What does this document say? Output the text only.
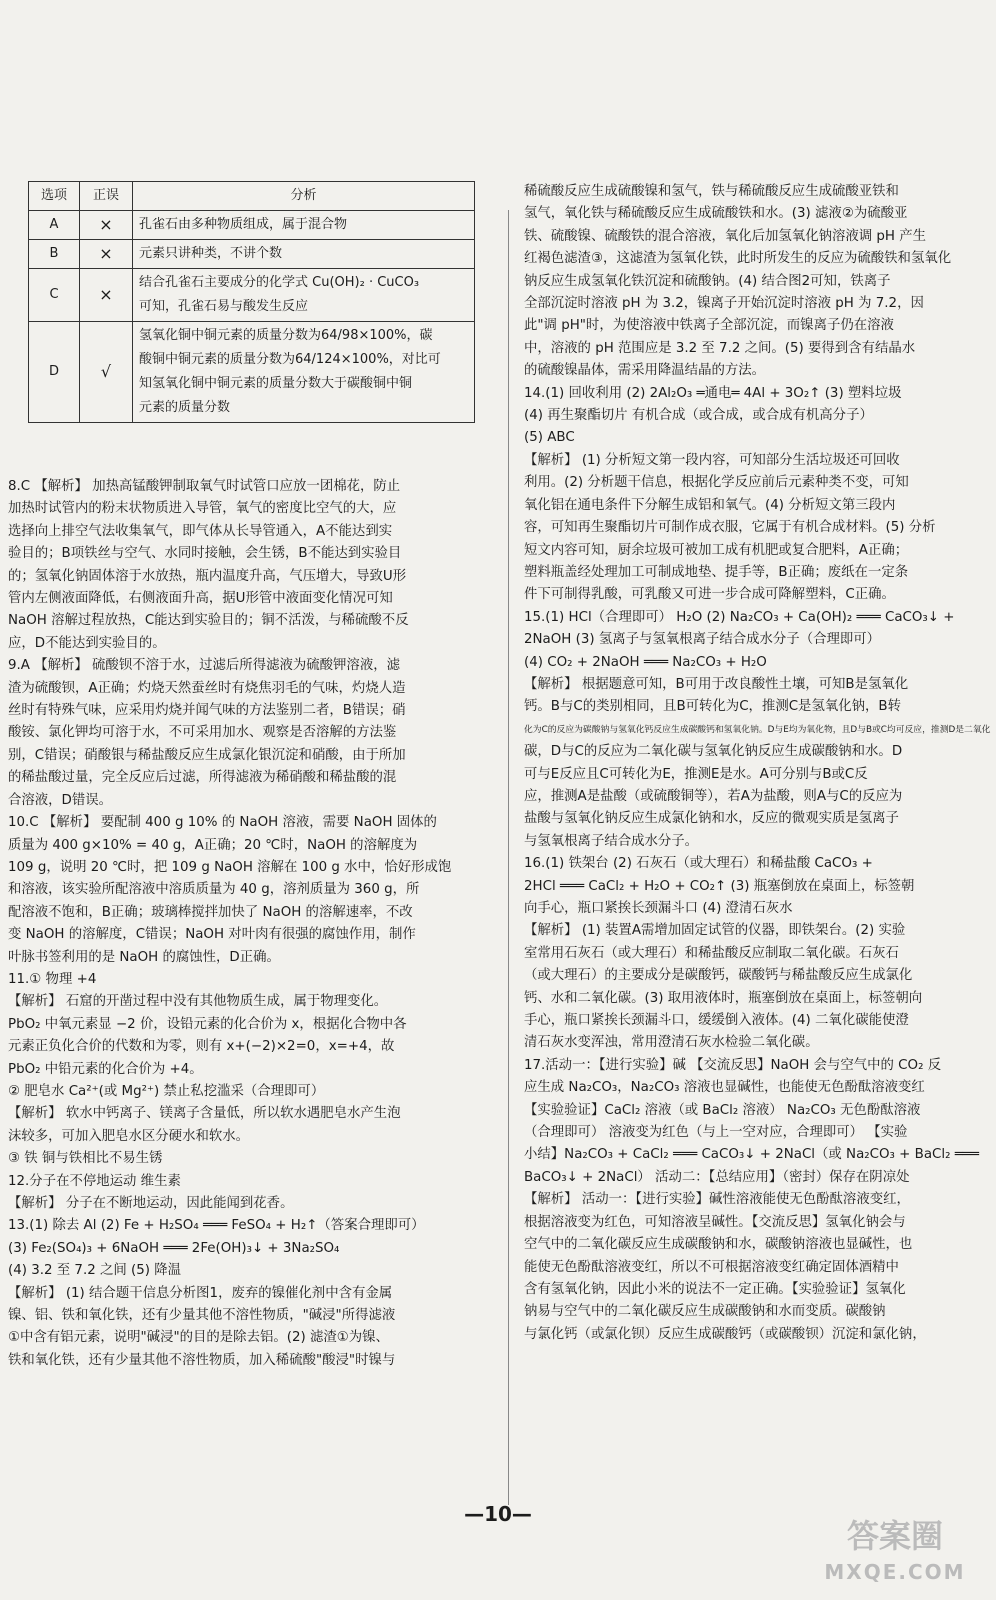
选项	正误	分析
A	×	孔雀石由多种物质组成，属于混合物

B	×	元素只讲种类，不讲个数

C	×	结合孔雀石主要成分的化学式 Cu(OH)₂ · CuCO₃
可知，孔雀石易与酸发生反应

D	√	氢氧化铜中铜元素的质量分数为64/98×100%，碳
酸铜中铜元素的质量分数为64/124×100%，对比可
知氢氧化铜中铜元素的质量分数大于碳酸铜中铜
元素的质量分数
8.C 【解析】 加热高锰酸钾制取氧气时试管口应放一团棉花，防止
加热时试管内的粉末状物质进入导管，氧气的密度比空气的大，应
选择向上排空气法收集氧气，即气体从长导管通入，A不能达到实
验目的；B项铁丝与空气、水同时接触，会生锈，B不能达到实验目
的；氢氧化钠固体溶于水放热，瓶内温度升高，气压增大，导致U形
管内左侧液面降低，右侧液面升高，据U形管中液面变化情况可知
NaOH 溶解过程放热，C能达到实验目的；铜不活泼，与稀硫酸不反
应，D不能达到实验目的。
9.A 【解析】 硫酸钡不溶于水，过滤后所得滤液为硫酸钾溶液，滤
渣为硫酸钡，A正确；灼烧天然蚕丝时有烧焦羽毛的气味，灼烧人造
丝时有特殊气味，应采用灼烧并闻气味的方法鉴别二者，B错误；硝
酸铵、氯化钾均可溶于水，不可采用加水、观察是否溶解的方法鉴
别，C错误；硝酸银与稀盐酸反应生成氯化银沉淀和硝酸，由于所加
的稀盐酸过量，完全反应后过滤，所得滤液为稀硝酸和稀盐酸的混
合溶液，D错误。
10.C 【解析】 要配制 400 g 10% 的 NaOH 溶液，需要 NaOH 固体的
质量为 400 g×10% = 40 g，A正确；20 ℃时，NaOH 的溶解度为
109 g，说明 20 ℃时，把 109 g NaOH 溶解在 100 g 水中，恰好形成饱
和溶液，该实验所配溶液中溶质质量为 40 g，溶剂质量为 360 g，所
配溶液不饱和，B正确；玻璃棒搅拌加快了 NaOH 的溶解速率，不改
变 NaOH 的溶解度，C错误；NaOH 对叶肉有很强的腐蚀作用，制作
叶脉书签利用的是 NaOH 的腐蚀性，D正确。
11.① 物理 +4
【解析】 石窟的开凿过程中没有其他物质生成，属于物理变化。
PbO₂ 中氧元素显 −2 价，设铅元素的化合价为 x，根据化合物中各
元素正负化合价的代数和为零，则有 x+(−2)×2=0，x=+4，故
PbO₂ 中铅元素的化合价为 +4。
② 肥皂水 Ca²⁺(或 Mg²⁺) 禁止私挖滥采（合理即可）
【解析】 软水中钙离子、镁离子含量低，所以软水遇肥皂水产生泡
沫较多，可加入肥皂水区分硬水和软水。
③ 铁 铜与铁相比不易生锈
12.分子在不停地运动 维生素
【解析】 分子在不断地运动，因此能闻到花香。
13.(1) 除去 Al (2) Fe + H₂SO₄ ═══ FeSO₄ + H₂↑（答案合理即可）
(3) Fe₂(SO₄)₃ + 6NaOH ═══ 2Fe(OH)₃↓ + 3Na₂SO₄
(4) 3.2 至 7.2 之间 (5) 降温
【解析】 (1) 结合题干信息分析图1，废弃的镍催化剂中含有金属
镍、铝、铁和氧化铁，还有少量其他不溶性物质，"碱浸"所得滤液
①中含有铝元素，说明"碱浸"的目的是除去铝。(2) 滤渣①为镍、
铁和氧化铁，还有少量其他不溶性物质，加入稀硫酸"酸浸"时镍与
稀硫酸反应生成硫酸镍和氢气，铁与稀硫酸反应生成硫酸亚铁和
氢气，氧化铁与稀硫酸反应生成硫酸铁和水。(3) 滤液②为硫酸亚
铁、硫酸镍、硫酸铁的混合溶液，氧化后加氢氧化钠溶液调 pH 产生
红褐色滤渣③，这滤渣为氢氧化铁，此时所发生的反应为硫酸铁和氢氧化
钠反应生成氢氧化铁沉淀和硫酸钠。(4) 结合图2可知，铁离子
全部沉淀时溶液 pH 为 3.2，镍离子开始沉淀时溶液 pH 为 7.2，因
此"调 pH"时，为使溶液中铁离子全部沉淀，而镍离子仍在溶液
中，溶液的 pH 范围应是 3.2 至 7.2 之间。(5) 要得到含有结晶水
的硫酸镍晶体，需采用降温结晶的方法。
14.(1) 回收利用 (2) 2Al₂O₃ ═通电═ 4Al + 3O₂↑ (3) 塑料垃圾
(4) 再生聚酯切片 有机合成（或合成，或合成有机高分子）
(5) ABC
【解析】 (1) 分析短文第一段内容，可知部分生活垃圾还可回收
利用。(2) 分析题干信息，根据化学反应前后元素种类不变，可知
氧化铝在通电条件下分解生成铝和氧气。(4) 分析短文第三段内
容，可知再生聚酯切片可制作成衣服，它属于有机合成材料。(5) 分析
短文内容可知，厨余垃圾可被加工成有机肥或复合肥料，A正确；
塑料瓶盖经处理加工可制成地垫、提手等，B正确；废纸在一定条
件下可制得乳酸，可乳酸又可进一步合成可降解塑料，C正确。
15.(1) HCl（合理即可） H₂O (2) Na₂CO₃ + Ca(OH)₂ ═══ CaCO₃↓ +
2NaOH (3) 氢离子与氢氧根离子结合成水分子（合理即可）
(4) CO₂ + 2NaOH ═══ Na₂CO₃ + H₂O
【解析】 根据题意可知，B可用于改良酸性土壤，可知B是氢氧化
钙。B与C的类别相同，且B可转化为C，推测C是氢氧化钠，B转
化为C的反应为碳酸钠与氢氧化钙反应生成碳酸钙和氢氧化钠。D与E均为氧化物，且D与B或C均可反应，推测D是二氧化
碳，D与C的反应为二氧化碳与氢氧化钠反应生成碳酸钠和水。D
可与E反应且C可转化为E，推测E是水。A可分别与B或C反
应，推测A是盐酸（或硫酸铜等），若A为盐酸，则A与C的反应为
盐酸与氢氧化钠反应生成氯化钠和水，反应的微观实质是氢离子
与氢氧根离子结合成水分子。
16.(1) 铁架台 (2) 石灰石（或大理石）和稀盐酸 CaCO₃ +
2HCl ═══ CaCl₂ + H₂O + CO₂↑ (3) 瓶塞倒放在桌面上，标签朝
向手心，瓶口紧挨长颈漏斗口 (4) 澄清石灰水
【解析】 (1) 装置A需增加固定试管的仪器，即铁架台。(2) 实验
室常用石灰石（或大理石）和稀盐酸反应制取二氧化碳。石灰石
（或大理石）的主要成分是碳酸钙，碳酸钙与稀盐酸反应生成氯化
钙、水和二氧化碳。(3) 取用液体时，瓶塞倒放在桌面上，标签朝向
手心，瓶口紧挨长颈漏斗口，缓缓倒入液体。(4) 二氧化碳能使澄
清石灰水变浑浊，常用澄清石灰水检验二氧化碳。
17.活动一：【进行实验】碱 【交流反思】NaOH 会与空气中的 CO₂ 反
应生成 Na₂CO₃，Na₂CO₃ 溶液也显碱性，也能使无色酚酞溶液变红
【实验验证】CaCl₂ 溶液（或 BaCl₂ 溶液） Na₂CO₃ 无色酚酞溶液
（合理即可） 溶液变为红色（与上一空对应，合理即可） 【实验
小结】Na₂CO₃ + CaCl₂ ═══ CaCO₃↓ + 2NaCl（或 Na₂CO₃ + BaCl₂ ═══
BaCO₃↓ + 2NaCl） 活动二：【总结应用】（密封）保存在阴凉处
【解析】 活动一：【进行实验】碱性溶液能使无色酚酞溶液变红，
根据溶液变为红色，可知溶液呈碱性。【交流反思】氢氧化钠会与
空气中的二氧化碳反应生成碳酸钠和水，碳酸钠溶液也显碱性，也
能使无色酚酞溶液变红，所以不可根据溶液变红确定固体酒精中
含有氢氧化钠，因此小米的说法不一定正确。【实验验证】氢氧化
钠易与空气中的二氧化碳反应生成碳酸钠和水而变质。碳酸钠
与氯化钙（或氯化钡）反应生成碳酸钙（或碳酸钡）沉淀和氯化钠，
—10—
答案圈
MXQE.COM
